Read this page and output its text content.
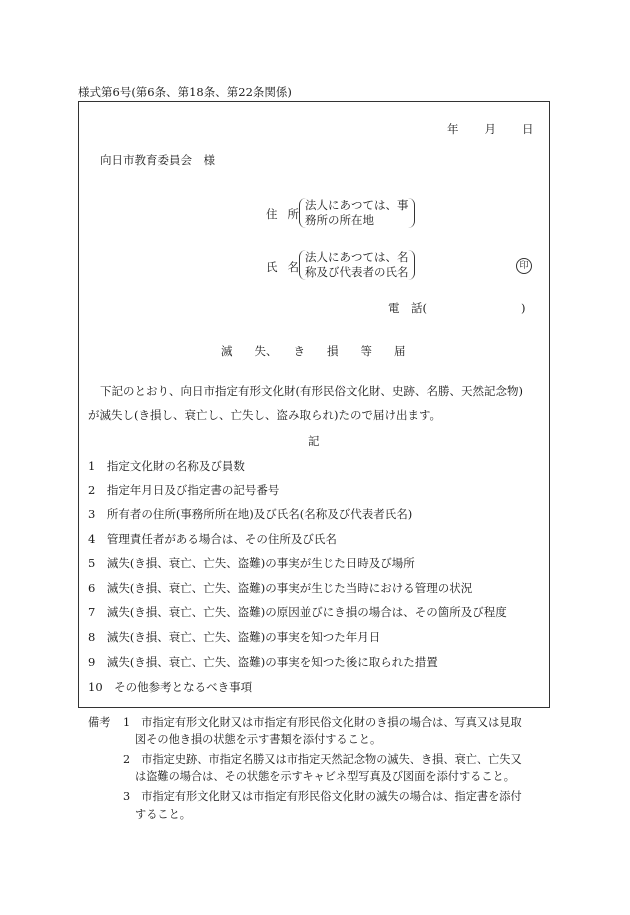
様式第6号(第6条、第18条、第22条関係)
年 月 日
向日市教育委員会　様
住 所
法人にあつては、事
務所の所在地
氏 名
法人にあつては、名
称及び代表者の氏名	印
電　話(	)
滅 失、 き 損 等 届
下記のとおり、向日市指定有形文化財(有形民俗文化財、史跡、名勝、天然記念物)
が滅失し(き損し、衰亡し、亡失し、盗み取られ)たので届け出ます。
記
1　指定文化財の名称及び員数
2　指定年月日及び指定書の記号番号
3　所有者の住所(事務所所在地)及び氏名(名称及び代表者氏名)
4　管理責任者がある場合は、その住所及び氏名
5　滅失(き損、衰亡、亡失、盗難)の事実が生じた日時及び場所
6　滅失(き損、衰亡、亡失、盗難)の事実が生じた当時における管理の状況
7　滅失(き損、衰亡、亡失、盗難)の原因並びにき損の場合は、その箇所及び程度
8　滅失(き損、衰亡、亡失、盗難)の事実を知つた年月日
9　滅失(き損、衰亡、亡失、盗難)の事実を知つた後に取られた措置
10　その他参考となるべき事項
備考 1　市指定有形文化財又は市指定有形民俗文化財のき損の場合は、写真又は見取
図その他き損の状態を示す書類を添付すること。
2　市指定史跡、市指定名勝又は市指定天然記念物の滅失、き損、衰亡、亡失又
は盗難の場合は、その状態を示すキャビネ型写真及び図面を添付すること。
3　市指定有形文化財又は市指定有形民俗文化財の滅失の場合は、指定書を添付
すること。
